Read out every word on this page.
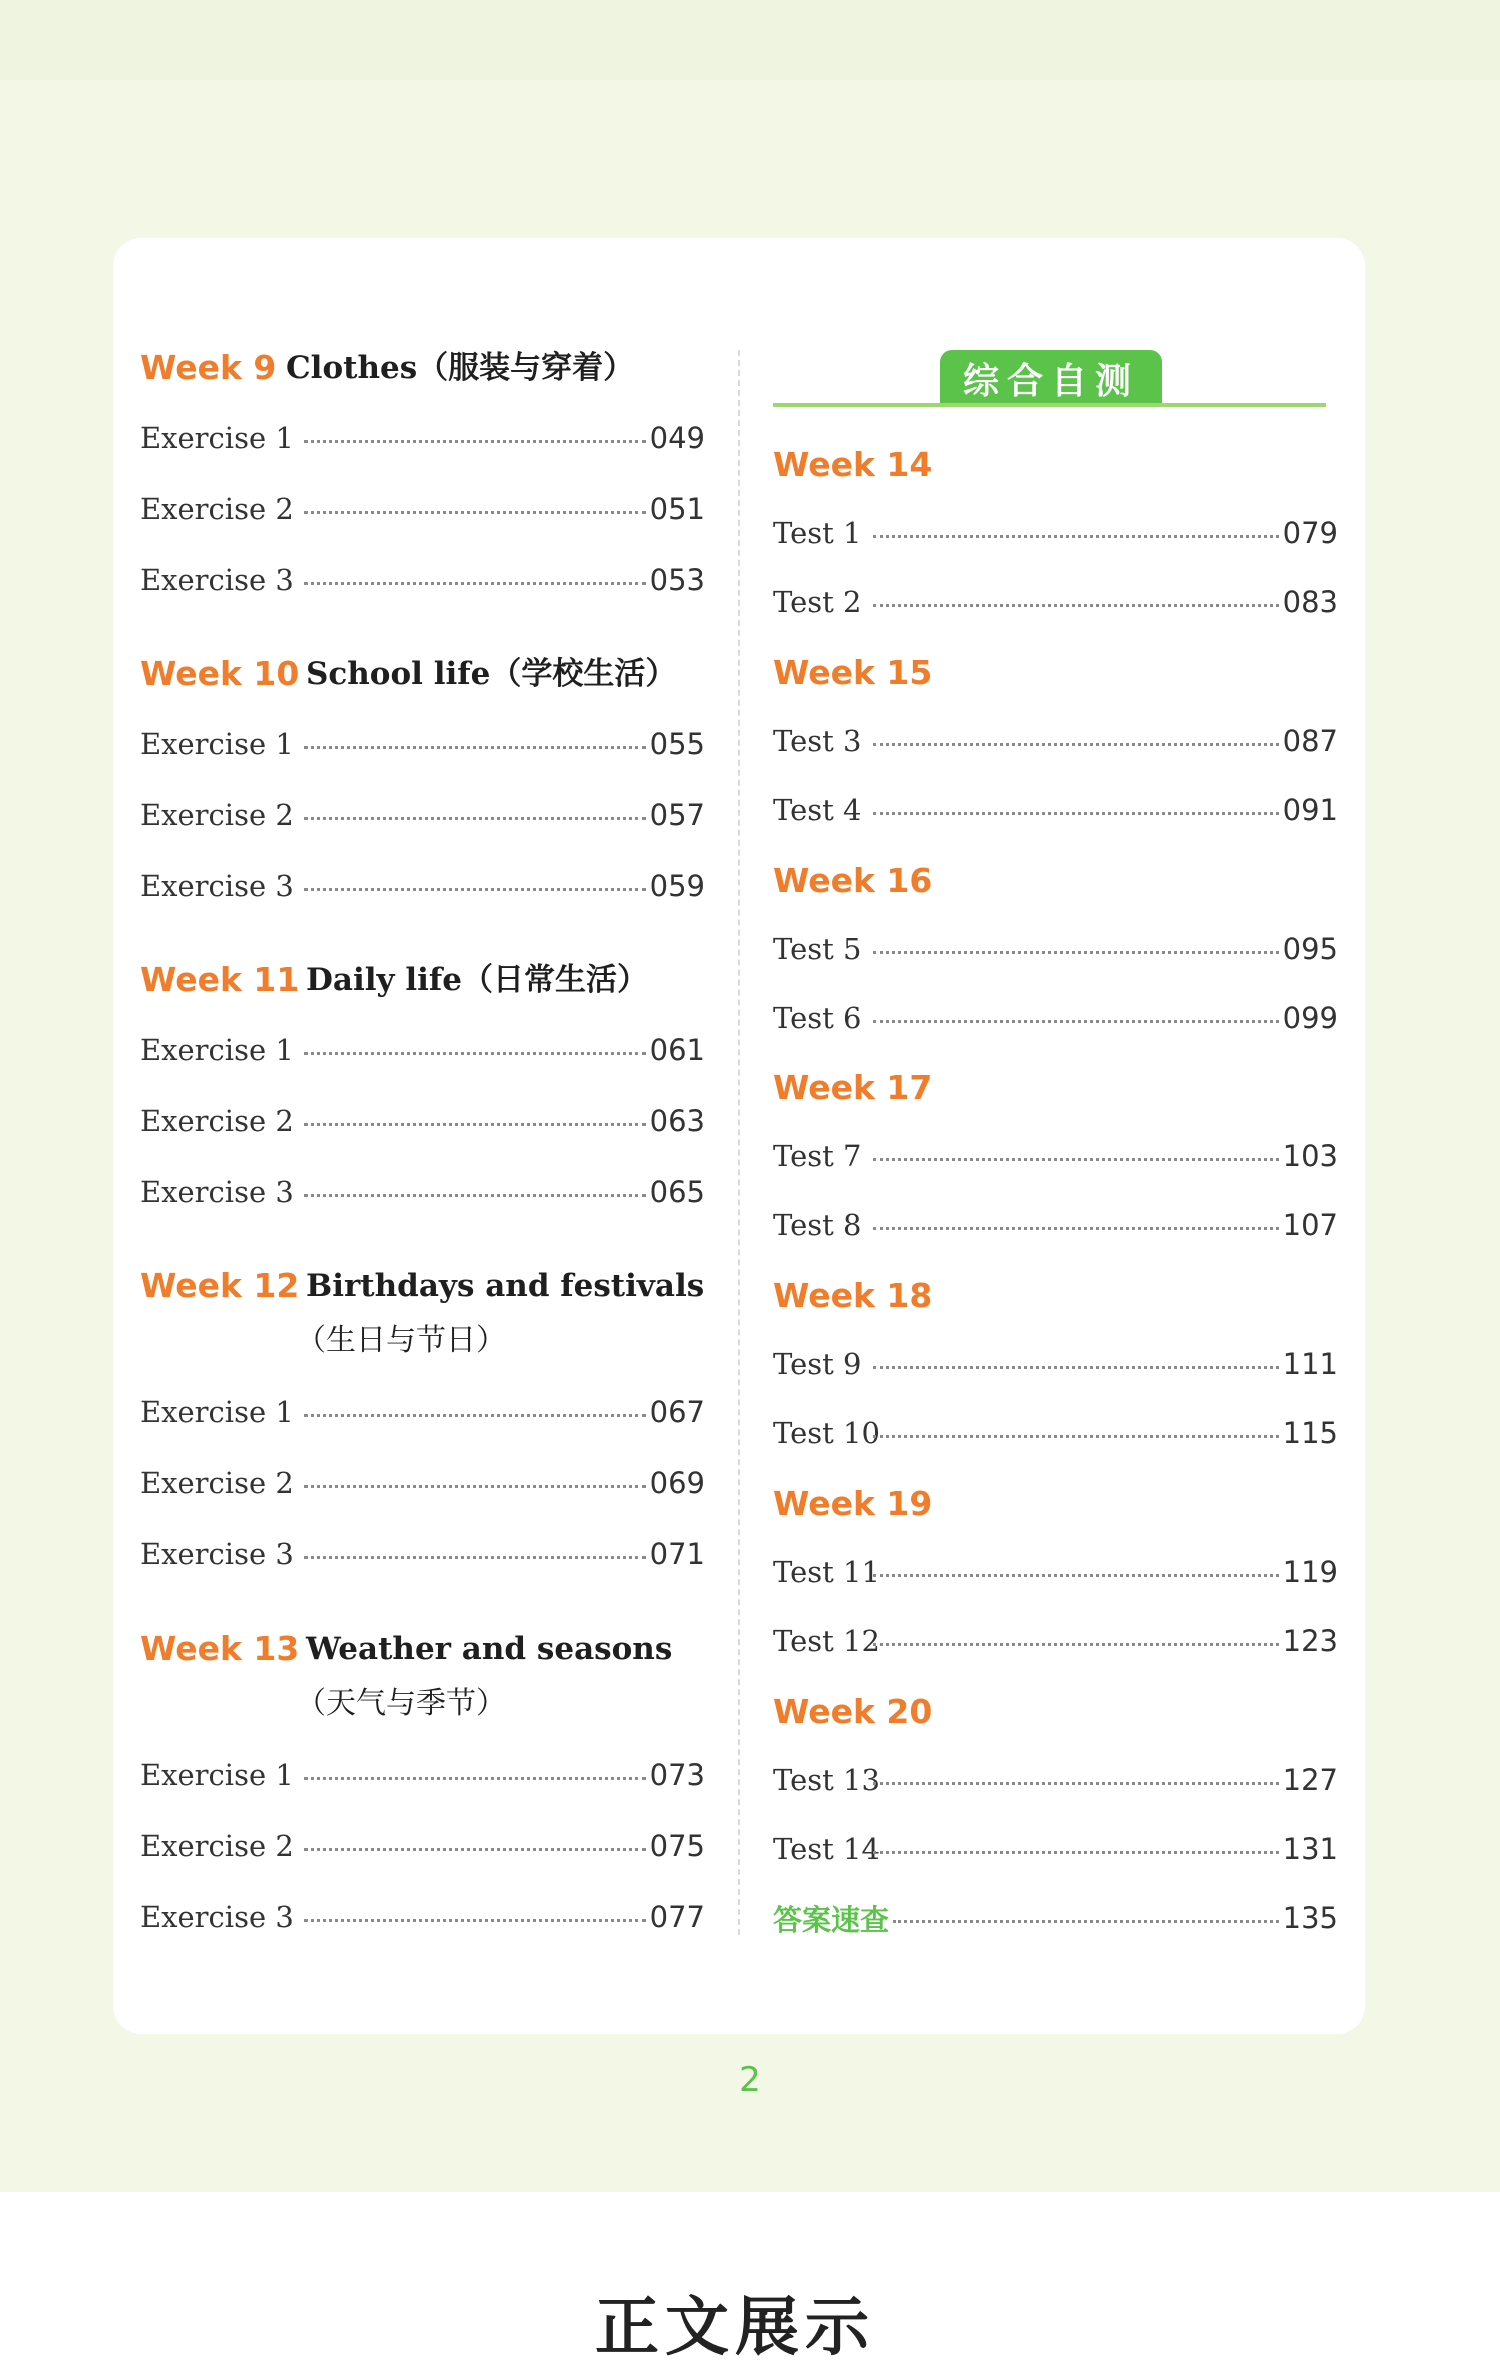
Week 9 Clothes（服装与穿着）
Exercise 1	049
Exercise 2	051
Exercise 3	053
Week 10 School life（学校生活）
Exercise 1	055
Exercise 2	057
Exercise 3	059
Week 11 Daily life（日常生活）
Exercise 1	061
Exercise 2	063
Exercise 3	065
Week 12 Birthdays and festivals
（生日与节日）
Exercise 1	067
Exercise 2	069
Exercise 3	071
Week 13 Weather and seasons
（天气与季节）
Exercise 1	073
Exercise 2	075
Exercise 3	077
综合自测
Week 14
Test 1	079
Test 2	083
Week 15
Test 3	087
Test 4	091
Week 16
Test 5	095
Test 6	099
Week 17
Test 7	103
Test 8	107
Week 18
Test 9	111
Test 10	115
Week 19
Test 11	119
Test 12	123
Week 20
Test 13	127
Test 14	131
答案速查	135
2
正文展示
